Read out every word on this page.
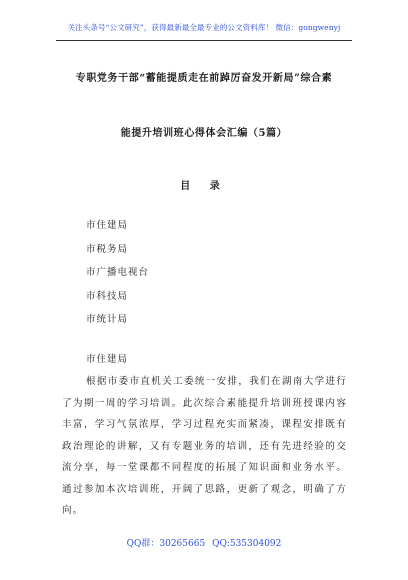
关注头条号“公文研究”，获得最新最全最专业的公文资料库！ 微信：gongwenyj
专职党务干部“蓄能提质走在前踔厉奋发开新局”综合素
能提升培训班心得体会汇编（5篇）
目 录
市住建局
市税务局
市广播电视台
市科技局
市统计局
市住建局

根据市委市直机关工委统一安排，我们在湖南大学进行了为期一周的学习培训。此次综合素能提升培训班授课内容丰富，学习气氛浓厚，学习过程充实而紧凑，课程安排既有政治理论的讲解，又有专题业务的培训，还有先进经验的交流分享，每一堂课都不同程度的拓展了知识面和业务水平。通过参加本次培训班，开阔了思路，更新了观念，明确了方向。

QQ群：30265665 QQ:535304092
